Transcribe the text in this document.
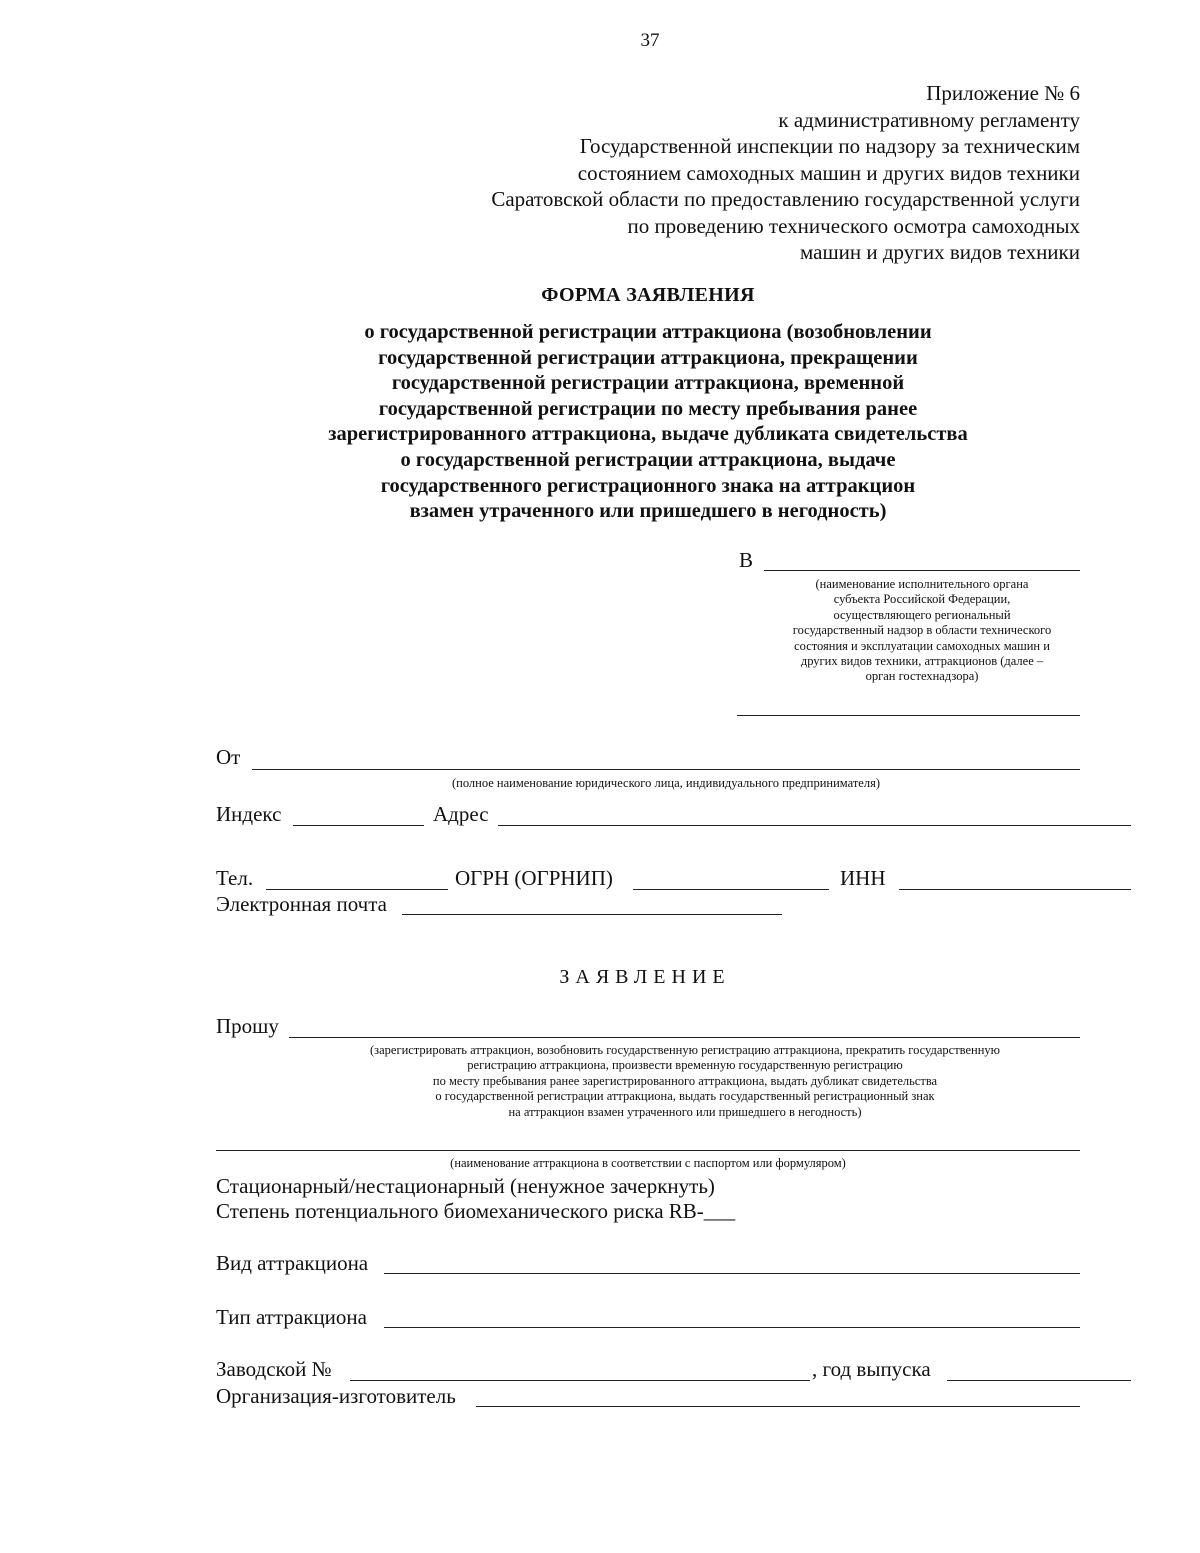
37
Приложение № 6
к административному регламенту
Государственной инспекции по надзору за техническим
состоянием самоходных машин и других видов техники
Саратовской области по предоставлению государственной услуги
по проведению технического осмотра самоходных
машин и других видов техники
ФОРМА ЗАЯВЛЕНИЯ
о государственной регистрации аттракциона (возобновлении
государственной регистрации аттракциона, прекращении
государственной регистрации аттракциона, временной
государственной регистрации по месту пребывания ранее
зарегистрированного аттракциона, выдаче дубликата свидетельства
о государственной регистрации аттракциона, выдаче
государственного регистрационного знака на аттракцион
взамен утраченного или пришедшего в негодность)
В
(наименование исполнительного органа
субъекта Российской Федерации,
осуществляющего региональный
государственный надзор в области технического
состояния и эксплуатации самоходных машин и
других видов техники, аттракционов (далее –
орган гостехнадзора)
От
(полное наименование юридического лица, индивидуального предпринимателя)
Индекс	Адрес
Тел.	ОГРН (ОГРНИП)	ИНН
Электронная почта
ЗАЯВЛЕНИЕ
Прошу
(зарегистрировать аттракцион, возобновить государственную регистрацию аттракциона, прекратить государственную
регистрацию аттракциона, произвести временную государственную регистрацию
по месту пребывания ранее зарегистрированного аттракциона, выдать дубликат свидетельства
о государственной регистрации аттракциона, выдать государственный регистрационный знак
на аттракцион взамен утраченного или пришедшего в негодность)
(наименование аттракциона в соответствии с паспортом или формуляром)
Стационарный/нестационарный (ненужное зачеркнуть)
Степень потенциального биомеханического риска RB-___
Вид аттракциона
Тип аттракциона
Заводской №	, год выпуска
Организация-изготовитель
